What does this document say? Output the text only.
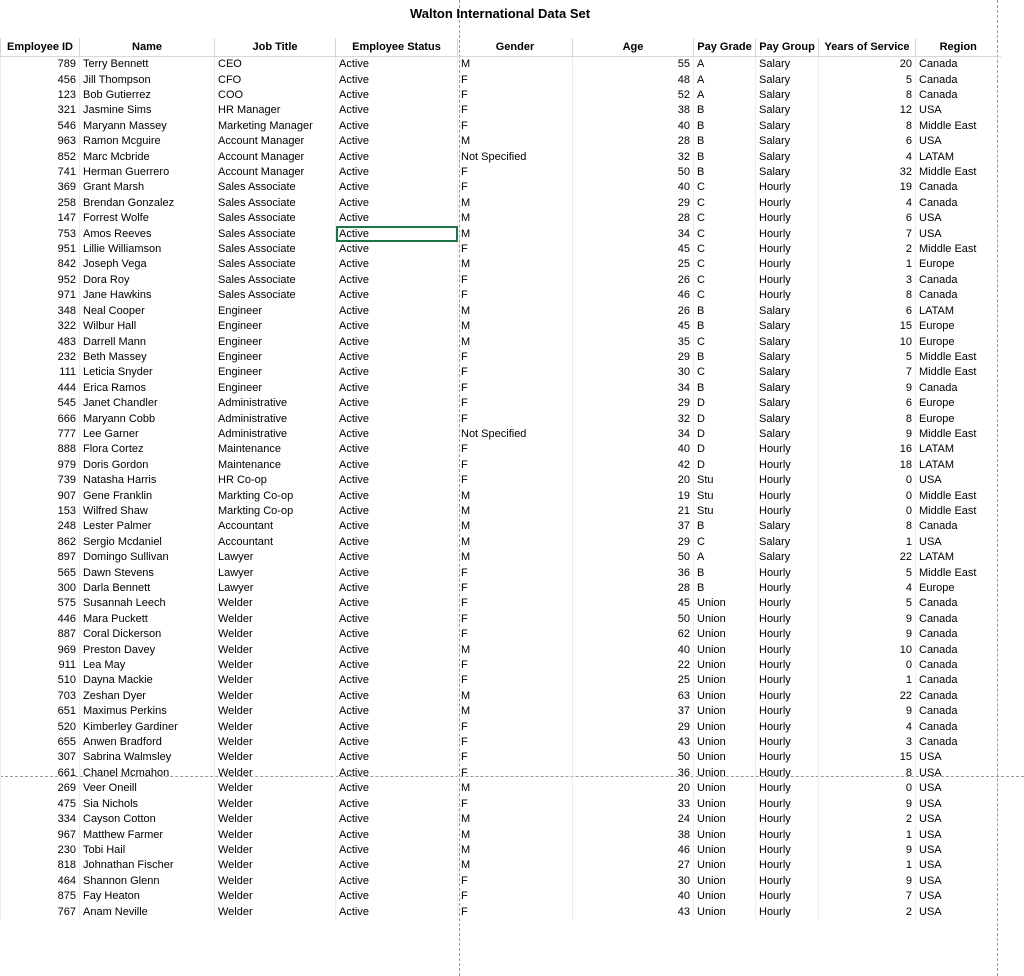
Walton International Data Set
Employee ID	Name	Job Title	Employee Status	Gender	Age	Pay Grade	Pay Group	Years of Service	Region
789	Terry Bennett	CEO	Active	M	55	A	Salary	20	Canada
456	Jill Thompson	CFO	Active	F	48	A	Salary	5	Canada
123	Bob Gutierrez	COO	Active	F	52	A	Salary	8	Canada
321	Jasmine Sims	HR Manager	Active	F	38	B	Salary	12	USA
546	Maryann Massey	Marketing Manager	Active	F	40	B	Salary	8	Middle East
963	Ramon Mcguire	Account Manager	Active	M	28	B	Salary	6	USA
852	Marc Mcbride	Account Manager	Active	Not Specified	32	B	Salary	4	LATAM
741	Herman Guerrero	Account Manager	Active	F	50	B	Salary	32	Middle East
369	Grant Marsh	Sales Associate	Active	F	40	C	Hourly	19	Canada
258	Brendan Gonzalez	Sales Associate	Active	M	29	C	Hourly	4	Canada
147	Forrest Wolfe	Sales Associate	Active	M	28	C	Hourly	6	USA
753	Amos Reeves	Sales Associate	Active	M	34	C	Hourly	7	USA
951	Lillie Williamson	Sales Associate	Active	F	45	C	Hourly	2	Middle East
842	Joseph Vega	Sales Associate	Active	M	25	C	Hourly	1	Europe
952	Dora Roy	Sales Associate	Active	F	26	C	Hourly	3	Canada
971	Jane Hawkins	Sales Associate	Active	F	46	C	Hourly	8	Canada
348	Neal Cooper	Engineer	Active	M	26	B	Salary	6	LATAM
322	Wilbur Hall	Engineer	Active	M	45	B	Salary	15	Europe
483	Darrell Mann	Engineer	Active	M	35	C	Salary	10	Europe
232	Beth Massey	Engineer	Active	F	29	B	Salary	5	Middle East
111	Leticia Snyder	Engineer	Active	F	30	C	Salary	7	Middle East
444	Erica Ramos	Engineer	Active	F	34	B	Salary	9	Canada
545	Janet Chandler	Administrative	Active	F	29	D	Salary	6	Europe
666	Maryann Cobb	Administrative	Active	F	32	D	Salary	8	Europe
777	Lee Garner	Administrative	Active	Not Specified	34	D	Salary	9	Middle East
888	Flora Cortez	Maintenance	Active	F	40	D	Hourly	16	LATAM
979	Doris Gordon	Maintenance	Active	F	42	D	Hourly	18	LATAM
739	Natasha Harris	HR Co-op	Active	F	20	Stu	Hourly	0	USA
907	Gene Franklin	Markting Co-op	Active	M	19	Stu	Hourly	0	Middle East
153	Wilfred Shaw	Markting Co-op	Active	M	21	Stu	Hourly	0	Middle East
248	Lester Palmer	Accountant	Active	M	37	B	Salary	8	Canada
862	Sergio Mcdaniel	Accountant	Active	M	29	C	Salary	1	USA
897	Domingo Sullivan	Lawyer	Active	M	50	A	Salary	22	LATAM
565	Dawn Stevens	Lawyer	Active	F	36	B	Hourly	5	Middle East
300	Darla Bennett	Lawyer	Active	F	28	B	Hourly	4	Europe
575	Susannah Leech	Welder	Active	F	45	Union	Hourly	5	Canada
446	Mara Puckett	Welder	Active	F	50	Union	Hourly	9	Canada
887	Coral Dickerson	Welder	Active	F	62	Union	Hourly	9	Canada
969	Preston Davey	Welder	Active	M	40	Union	Hourly	10	Canada
911	Lea May	Welder	Active	F	22	Union	Hourly	0	Canada
510	Dayna Mackie	Welder	Active	F	25	Union	Hourly	1	Canada
703	Zeshan Dyer	Welder	Active	M	63	Union	Hourly	22	Canada
651	Maximus Perkins	Welder	Active	M	37	Union	Hourly	9	Canada
520	Kimberley Gardiner	Welder	Active	F	29	Union	Hourly	4	Canada
655	Anwen Bradford	Welder	Active	F	43	Union	Hourly	3	Canada
307	Sabrina Walmsley	Welder	Active	F	50	Union	Hourly	15	USA
661	Chanel Mcmahon	Welder	Active	F	36	Union	Hourly	8	USA
269	Veer Oneill	Welder	Active	M	20	Union	Hourly	0	USA
475	Sia Nichols	Welder	Active	F	33	Union	Hourly	9	USA
334	Cayson Cotton	Welder	Active	M	24	Union	Hourly	2	USA
967	Matthew Farmer	Welder	Active	M	38	Union	Hourly	1	USA
230	Tobi Hail	Welder	Active	M	46	Union	Hourly	9	USA
818	Johnathan Fischer	Welder	Active	M	27	Union	Hourly	1	USA
464	Shannon Glenn	Welder	Active	F	30	Union	Hourly	9	USA
875	Fay Heaton	Welder	Active	F	40	Union	Hourly	7	USA
767	Anam Neville	Welder	Active	F	43	Union	Hourly	2	USA
